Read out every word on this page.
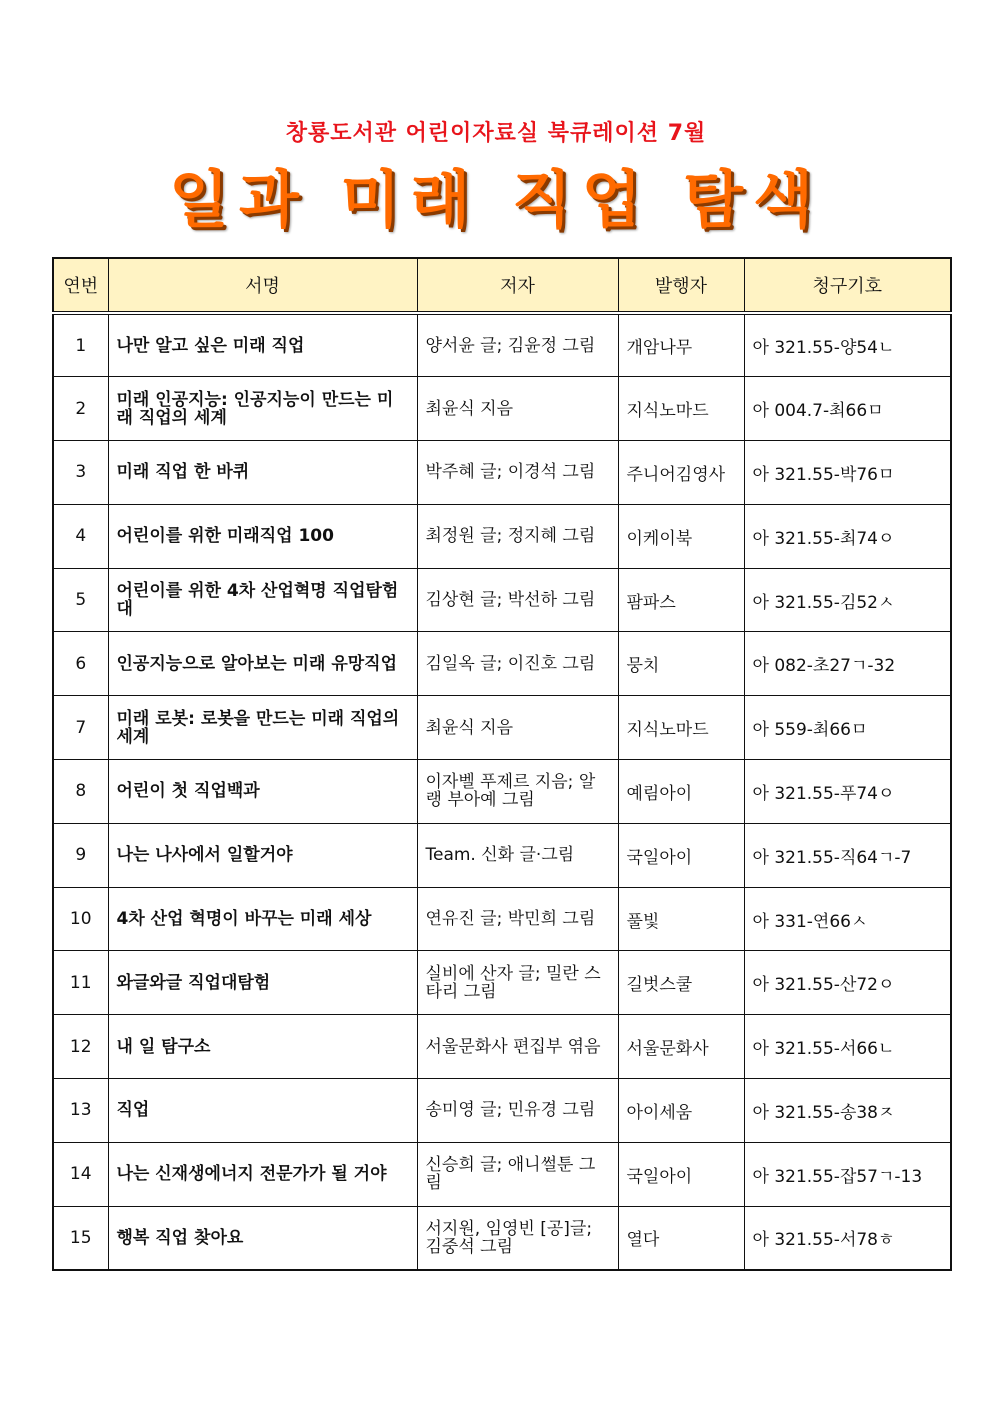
창룡도서관 어린이자료실 북큐레이션 7월
일과 미래 직업 탐색
연번	서명	저자	발행자	청구기호
1	나만 알고 싶은 미래 직업	양서윤 글; 김윤정 그림	개암나무	아 321.55-양54ㄴ
2	미래 인공지능: 인공지능이 만드는 미래 직업의 세계	최윤식 지음	지식노마드	아 004.7-최66ㅁ
3	미래 직업 한 바퀴	박주혜 글; 이경석 그림	주니어김영사	아 321.55-박76ㅁ
4	어린이를 위한 미래직업 100	최정원 글; 정지혜 그림	이케이북	아 321.55-최74ㅇ
5	어린이를 위한 4차 산업혁명 직업탐험대	김상현 글; 박선하 그림	팜파스	아 321.55-김52ㅅ
6	인공지능으로 알아보는 미래 유망직업	김일옥 글; 이진호 그림	뭉치	아 082-초27ㄱ-32
7	미래 로봇: 로봇을 만드는 미래 직업의 세계	최윤식 지음	지식노마드	아 559-최66ㅁ
8	어린이 첫 직업백과	이자벨 푸제르 지음; 알랭 부아예 그림	예림아이	아 321.55-푸74ㅇ
9	나는 나사에서 일할거야	Team. 신화 글·그림	국일아이	아 321.55-직64ㄱ-7
10	4차 산업 혁명이 바꾸는 미래 세상	연유진 글; 박민희 그림	풀빛	아 331-연66ㅅ
11	와글와글 직업대탐험	실비에 산자 글; 밀란 스타리 그림	길벗스쿨	아 321.55-산72ㅇ
12	내 일 탐구소	서울문화사 편집부 엮음	서울문화사	아 321.55-서66ㄴ
13	직업	송미영 글; 민유경 그림	아이세움	아 321.55-송38ㅈ
14	나는 신재생에너지 전문가가 될 거야	신승희 글; 애니썰툰 그림	국일아이	아 321.55-잡57ㄱ-13
15	행복 직업 찾아요	서지원, 임영빈 [공]글; 김중석 그림	열다	아 321.55-서78ㅎ
